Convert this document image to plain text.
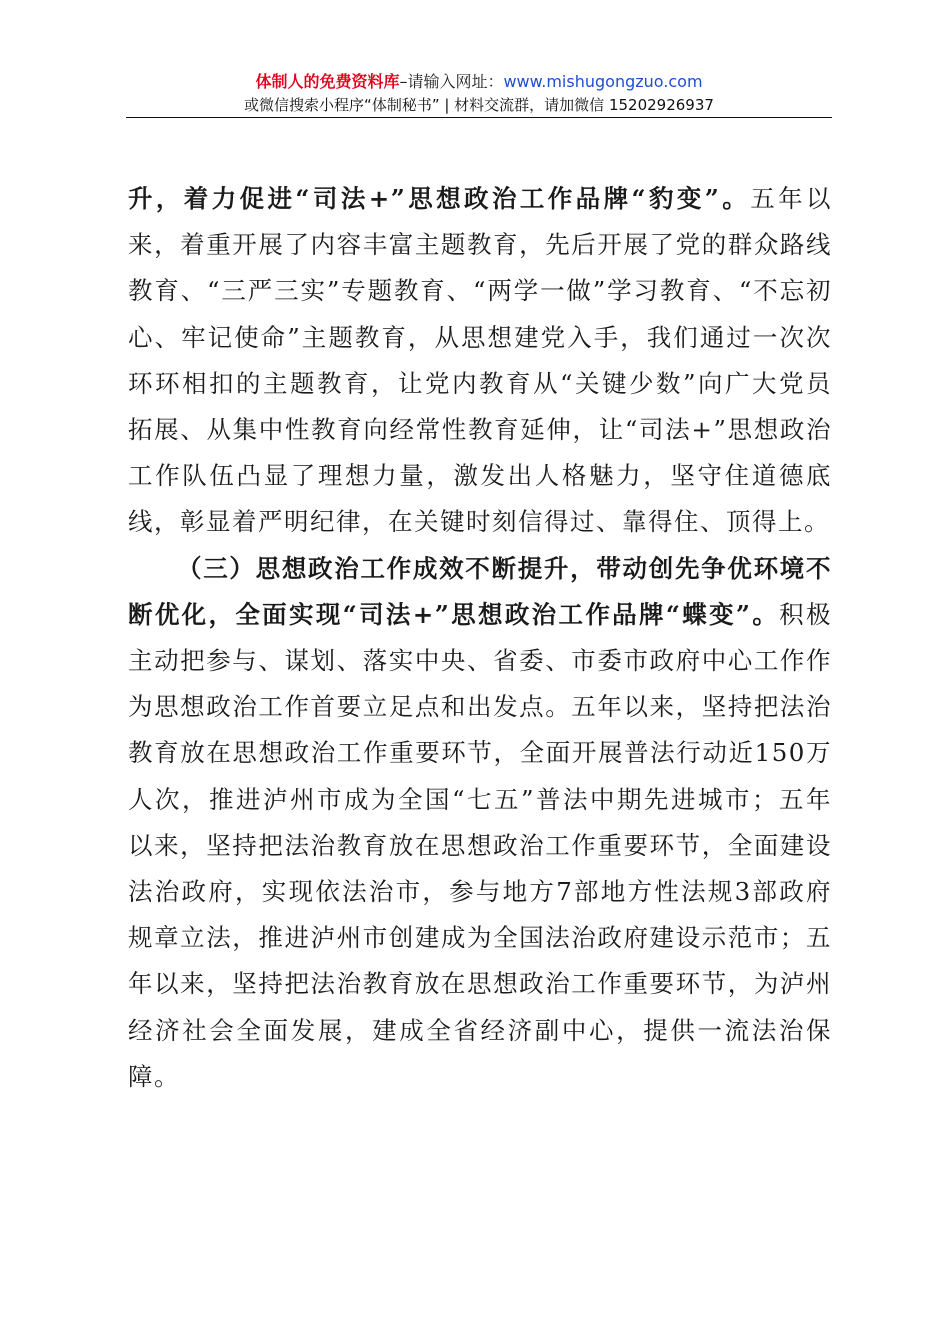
体制人的免费资料库–请输入网址：www.mishugongzuo.com
或微信搜索小程序“体制秘书” | 材料交流群，请加微信 15202926937

升，着力促进“司法+”思想政治工作品牌“豹变”。五年以来，着重开展了内容丰富主题教育，先后开展了党的群众路线教育、“三严三实”专题教育、“两学一做”学习教育、“不忘初心、牢记使命”主题教育，从思想建党入手，我们通过一次次环环相扣的主题教育，让党内教育从“关键少数”向广大党员拓展、从集中性教育向经常性教育延伸，让“司法+”思想政治工作队伍凸显了理想力量，激发出人格魅力，坚守住道德底线，彰显着严明纪律，在关键时刻信得过、靠得住、顶得上。

（三）思想政治工作成效不断提升，带动创先争优环境不断优化，全面实现“司法+”思想政治工作品牌“蝶变”。积极主动把参与、谋划、落实中央、省委、市委市政府中心工作作为思想政治工作首要立足点和出发点。五年以来，坚持把法治教育放在思想政治工作重要环节，全面开展普法行动近150万人次，推进泸州市成为全国“七五”普法中期先进城市；五年以来，坚持把法治教育放在思想政治工作重要环节，全面建设法治政府，实现依法治市，参与地方7部地方性法规3部政府规章立法，推进泸州市创建成为全国法治政府建设示范市；五年以来，坚持把法治教育放在思想政治工作重要环节，为泸州经济社会全面发展，建成全省经济副中心，提供一流法治保障。
